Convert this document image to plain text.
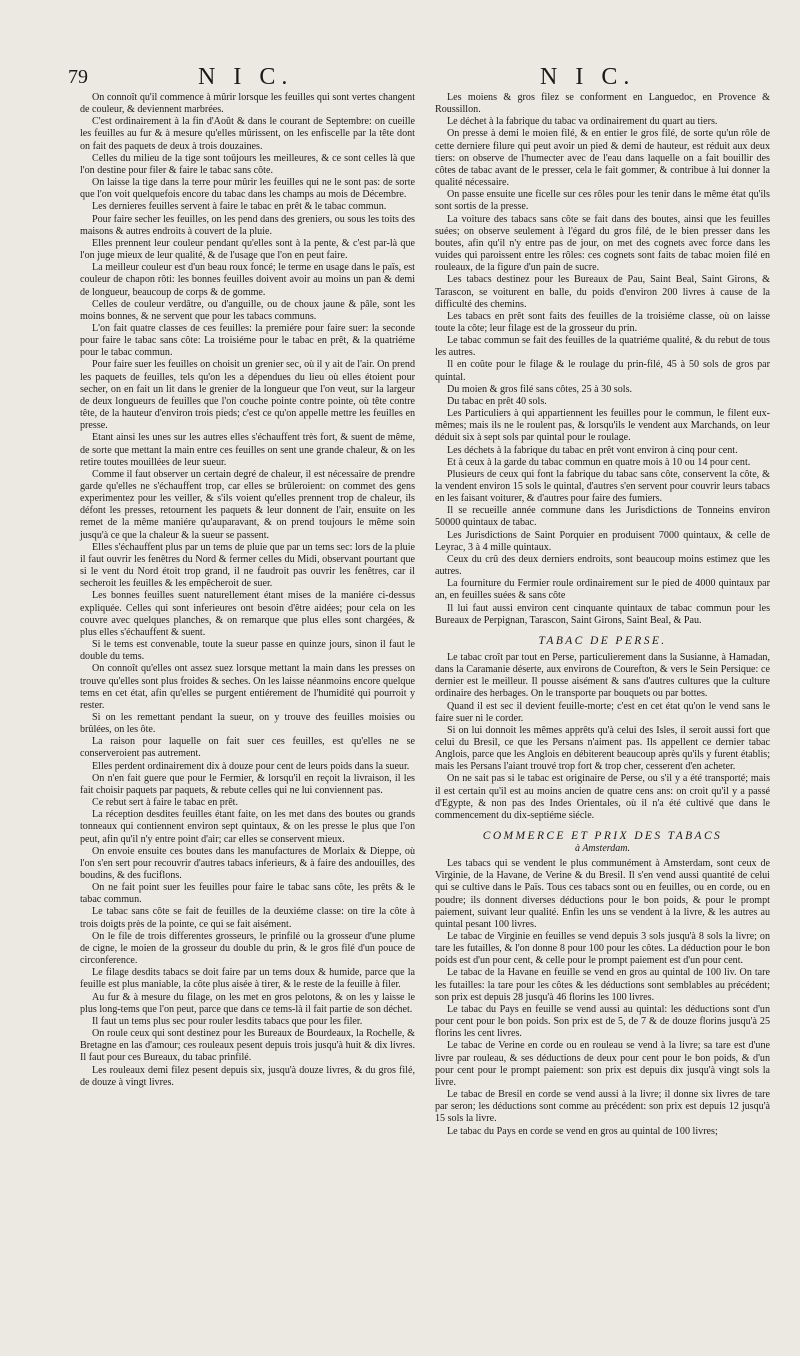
79	N I C.	N I C.

On connoît qu'il commence à mûrir lorsque les feuilles qui sont vertes changent de couleur, & deviennent marbrées.

C'est ordinairement à la fin d'Août & dans le courant de Septembre: on cueille les feuilles au fur & à mesure qu'elles mûrissent, on les enfiscelle par la tête dont on fait des paquets de deux à trois douzaines.

Celles du milieu de la tige sont toûjours les meilleures, & ce sont celles là que l'on destine pour filer & faire le tabac sans côte.

On laisse la tige dans la terre pour mûrir les feuilles qui ne le sont pas: de sorte que l'on voit quelquefois encore du tabac dans les champs au mois de Décembre.

Les dernieres feuilles servent à faire le tabac en prêt & le tabac commun.

Pour faire secher les feuilles, on les pend dans des greniers, ou sous les toits des maisons & autres endroits à couvert de la pluie.

Elles prennent leur couleur pendant qu'elles sont à la pente, & c'est par-là que l'on juge mieux de leur qualité, & de l'usage que l'on en peut faire.

La meilleur couleur est d'un beau roux foncé; le terme en usage dans le païs, est couleur de chapon rôti: les bonnes feuilles doivent avoir au moins un pan & demi de longueur, beaucoup de corps & de gomme.

Celles de couleur verdâtre, ou d'anguille, ou de choux jaune & pâle, sont les moins bonnes, & ne servent que pour les tabacs communs.

L'on fait quatre classes de ces feuilles: la premiére pour faire suer: la seconde pour faire le tabac sans côte: La troisiéme pour le tabac en prêt, & la quatriéme pour le tabac commun.

Pour faire suer les feuilles on choisit un grenier sec, où il y ait de l'air. On prend les paquets de feuilles, tels qu'on les a dépendues du lieu où elles étoient pour secher, on en fait un lit dans le grenier de la longueur que l'on veut, sur la largeur de deux longueurs de feuilles que l'on couche pointe contre pointe, où tête contre tête, de la hauteur d'environ trois pieds; c'est ce qu'on appelle mettre les feuilles en presse.

Etant ainsi les unes sur les autres elles s'échauffent très fort, & suent de même, de sorte que mettant la main entre ces feuilles on sent une grande chaleur, & on les retire toutes mouillées de leur sueur.

Comme il faut observer un certain degré de chaleur, il est nécessaire de prendre garde qu'elles ne s'échauffent trop, car elles se brûleroient: on commet des gens experimentez pour les veiller, & s'ils voient qu'elles prennent trop de chaleur, ils défont les presses, retournent les paquets & leur donnent de l'air, ensuite on les remet de la même maniére qu'auparavant, & on prend toujours le même soin jusqu'à ce que la chaleur & la sueur se passent.

Elles s'échauffent plus par un tems de pluie que par un tems sec: lors de la pluie il faut ouvrir les fenêtres du Nord & fermer celles du Midi, observant pourtant que si le vent du Nord étoit trop grand, il ne faudroit pas ouvrir les fenêtres, car il secheroit les feuilles & les empêcheroit de suer.

Les bonnes feuilles suent naturellement étant mises de la maniére ci-dessus expliquée. Celles qui sont inferieures ont besoin d'être aidées; pour cela on les couvre avec quelques planches, & on remarque que plus elles sont chargées, & plus elles s'échauffent & suent.

Si le tems est convenable, toute la sueur passe en quinze jours, sinon il faut le double du tems.

On connoît qu'elles ont assez suez lorsque mettant la main dans les presses on trouve qu'elles sont plus froides & seches. On les laisse néanmoins encore quelque tems en cet état, afin qu'elles se purgent entiérement de l'humidité qui pourroit y rester.

Si on les remettant pendant la sueur, on y trouve des feuilles moisies ou brûlées, on les ôte.

La raison pour laquelle on fait suer ces feuilles, est qu'elles ne se conserveroient pas autrement.

Elles perdent ordinairement dix à douze pour cent de leurs poids dans la sueur.

On n'en fait guere que pour le Fermier, & lorsqu'il en reçoit la livraison, il les fait choisir paquets par paquets, & rebute celles qui ne lui conviennent pas.

Ce rebut sert à faire le tabac en prêt.

La réception desdites feuilles étant faite, on les met dans des boutes ou grands tonneaux qui contiennent environ sept quintaux, & on les presse le plus que l'on peut, afin qu'il n'y entre point d'air; car elles se conservent mieux.

On envoie ensuite ces boutes dans les manufactures de Morlaix & Dieppe, où l'on s'en sert pour recouvrir d'autres tabacs inferieurs, & à faire des andouilles, des boudins, & des fuciflons.

On ne fait point suer les feuilles pour faire le tabac sans côte, les prêts & le tabac commun.

Le tabac sans côte se fait de feuilles de la deuxiéme classe: on tire la côte à trois doigts près de la pointe, ce qui se fait aisément.

On le file de trois differentes grosseurs, le prinfilé ou la grosseur d'une plume de cigne, le moien de la grosseur du double du prin, & le gros filé d'un pouce de circonference.

Le filage desdits tabacs se doit faire par un tems doux & humide, parce que la feuille est plus maniable, la côte plus aisée à tirer, & le reste de la feuille à filer.

Au fur & à mesure du filage, on les met en gros pelotons, & on les y laisse le plus long-tems que l'on peut, parce que dans ce tems-là il fait partie de son déchet.

Il faut un tems plus sec pour rouler lesdits tabacs que pour les filer.

On roule ceux qui sont destinez pour les Bureaux de Bourdeaux, la Rochelle, & Bretagne en las d'amour; ces rouleaux pesent depuis trois jusqu'à huit & dix livres. Il faut pour ces Bureaux, du tabac prinfilé.

Les rouleaux demi filez pesent depuis six, jusqu'à douze livres, & du gros filé, de douze à vingt livres.

Les moiens & gros filez se conforment en Languedoc, en Provence & Roussillon.

Le déchet à la fabrique du tabac va ordinairement du quart au tiers.

On presse à demi le moien filé, & en entier le gros filé, de sorte qu'un rôle de cette derniere filure qui peut avoir un pied & demi de hauteur, est réduit aux deux tiers: on observe de l'humecter avec de l'eau dans laquelle on a fait bouillir des côtes de tabac avant de le presser, cela le fait gommer, & contribue à lui donner la qualité nécessaire.

On passe ensuite une ficelle sur ces rôles pour les tenir dans le même état qu'ils sont sortis de la presse.

La voiture des tabacs sans côte se fait dans des boutes, ainsi que les feuilles suées; on observe seulement à l'égard du gros filé, de le bien presser dans les boutes, afin qu'il n'y entre pas de jour, on met des cognets avec force dans les vuides qui paroissent entre les rôles: ces cognets sont faits de tabac moien filé en rouleaux, de la figure d'un pain de sucre.

Les tabacs destinez pour les Bureaux de Pau, Saint Beal, Saint Girons, & Tarascon, se voiturent en balle, du poids d'environ 200 livres à cause de la difficulté des chemins.

Les tabacs en prêt sont faits des feuilles de la troisiéme classe, où on laisse toute la côte; leur filage est de la grosseur du prin.

Le tabac commun se fait des feuilles de la quatriéme qualité, & du rebut de tous les autres.

Il en coûte pour le filage & le roulage du prin-filé, 45 à 50 sols de gros par quintal.

Du moien & gros filé sans côtes, 25 à 30 sols.

Du tabac en prêt 40 sols.

Les Particuliers à qui appartiennent les feuilles pour le commun, le filent eux-mêmes; mais ils ne le roulent pas, & lorsqu'ils le vendent aux Marchands, on leur déduit six à sept sols par quintal pour le roulage.

Les déchets à la fabrique du tabac en prêt vont environ à cinq pour cent.

Et à ceux à la garde du tabac commun en quatre mois à 10 ou 14 pour cent.

Plusieurs de ceux qui font la fabrique du tabac sans côte, conservent la côte, & la vendent environ 15 sols le quintal, d'autres s'en servent pour couvrir leurs tabacs en les faisant voiturer, & d'autres pour faire des fumiers.

Il se recueille année commune dans les Jurisdictions de Tonneins environ 50000 quintaux de tabac.

Les Jurisdictions de Saint Porquier en produisent 7000 quintaux, & celle de Leyrac, 3 à 4 mille quintaux.

Ceux du crû des deux derniers endroits, sont beaucoup moins estimez que les autres.

La fourniture du Fermier roule ordinairement sur le pied de 4000 quintaux par an, en feuilles suées & sans côte

Il lui faut aussi environ cent cinquante quintaux de tabac commun pour les Bureaux de Perpignan, Tarascon, Saint Girons, Saint Beal, & Pau.

TABAC DE PERSE.

Le tabac croît par tout en Perse, particulierement dans la Susianne, à Hamadan, dans la Caramanie déserte, aux environs de Courefton, & vers le Sein Persique: ce dernier est le meilleur. Il pousse aisément & sans d'autres cultures que la culture ordinaire des herbages. On le transporte par bouquets ou par bottes.

Quand il est sec il devient feuille-morte; c'est en cet état qu'on le vend sans le faire suer ni le corder.

Si on lui donnoit les mêmes apprêts qu'à celui des Isles, il seroit aussi fort que celui du Bresil, ce que les Persans n'aiment pas. Ils appellent ce dernier tabac Anglois, parce que les Anglois en débiterent beaucoup après qu'ils y furent établis; mais les Persans l'aiant trouvé trop fort & trop cher, cesserent d'en acheter.

On ne sait pas si le tabac est originaire de Perse, ou s'il y a été transporté; mais il est certain qu'il est au moins ancien de quatre cens ans: on croit qu'il y a passé d'Egypte, & non pas des Indes Orientales, où il n'a été cultivé que dans le commencement du dix-septiéme siécle.

COMMERCE ET PRIX DES TABACS
à Amsterdam.

Les tabacs qui se vendent le plus communément à Amsterdam, sont ceux de Virginie, de la Havane, de Verine & du Bresil. Il s'en vend aussi quantité de celui qui se cultive dans le Païs. Tous ces tabacs sont ou en feuilles, ou en corde, ou en poudre; ils donnent diverses déductions pour le bon poids, & pour le prompt paiement, suivant leur qualité. Enfin les uns se vendent à la livre, & les autres au quintal pesant 100 livres.

Le tabac de Virginie en feuilles se vend depuis 3 sols jusqu'à 8 sols la livre; on tare les futailles, & l'on donne 8 pour 100 pour les côtes. La déduction pour le bon poids est d'un pour cent, & celle pour le prompt paiement est d'un pour cent.

Le tabac de la Havane en feuille se vend en gros au quintal de 100 liv. On tare les futailles: la tare pour les côtes & les déductions sont semblables au précédent; son prix est depuis 28 jusqu'à 46 florins les 100 livres.

Le tabac du Pays en feuille se vend aussi au quintal: les déductions sont d'un pour cent pour le bon poids. Son prix est de 5, de 7 & de douze florins jusqu'à 25 florins les cent livres.

Le tabac de Verine en corde ou en rouleau se vend à la livre; sa tare est d'une livre par rouleau, & ses déductions de deux pour cent pour le bon poids, & d'un pour cent pour le prompt paiement: son prix est depuis dix jusqu'à vingt sols la livre.

Le tabac de Bresil en corde se vend aussi à la livre; il donne six livres de tare par seron; les déductions sont comme au précédent: son prix est depuis 12 jusqu'à 15 sols la livre.

Le tabac du Pays en corde se vend en gros au quintal de 100 livres;
